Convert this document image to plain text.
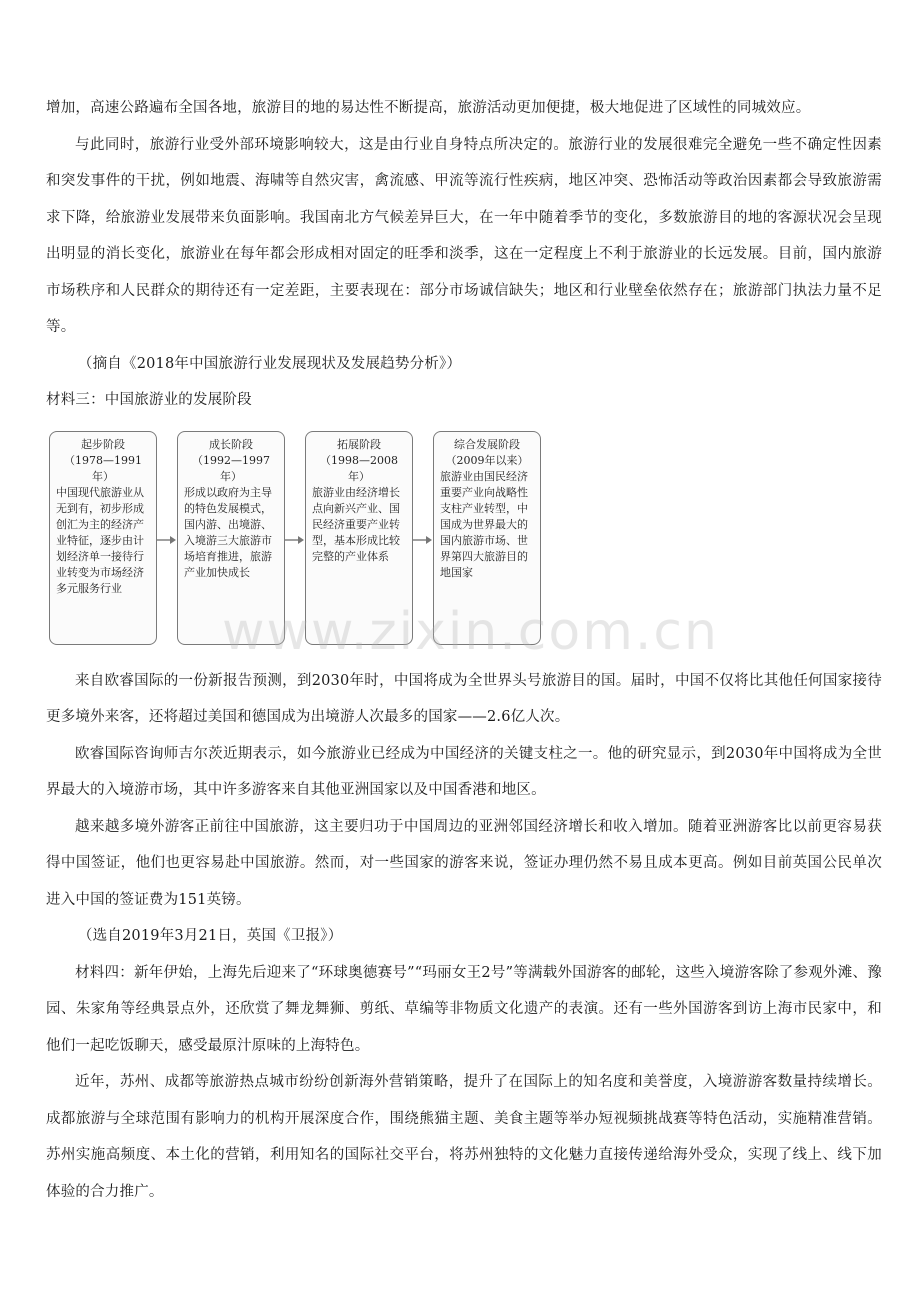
增加，高速公路遍布全国各地，旅游目的地的易达性不断提高，旅游活动更加便捷，极大地促进了区域性的同城效应。

与此同时，旅游行业受外部环境影响较大，这是由行业自身特点所决定的。旅游行业的发展很难完全避免一些不确定性因素和突发事件的干扰，例如地震、海啸等自然灾害，禽流感、甲流等流行性疾病，地区冲突、恐怖活动等政治因素都会导致旅游需求下降，给旅游业发展带来负面影响。我国南北方气候差异巨大，在一年中随着季节的变化，多数旅游目的地的客源状况会呈现出明显的消长变化，旅游业在每年都会形成相对固定的旺季和淡季，这在一定程度上不利于旅游业的长远发展。目前，国内旅游市场秩序和人民群众的期待还有一定差距，主要表现在：部分市场诚信缺失；地区和行业壁垒依然存在；旅游部门执法力量不足等。

（摘自《2018年中国旅游行业发展现状及发展趋势分析》）

材料三：中国旅游业的发展阶段

起步阶段
（1978—1991年）
中国现代旅游业从无到有，初步形成创汇为主的经济产业特征，逐步由计划经济单一接待行业转变为市场经济多元服务行业
成长阶段
（1992—1997年）
形成以政府为主导的特色发展模式，国内游、出境游、入境游三大旅游市场培育推进，旅游产业加快成长
拓展阶段
（1998—2008年）
旅游业由经济增长点向新兴产业、国民经济重要产业转型，基本形成比较完整的产业体系
综合发展阶段
（2009年以来）
旅游业由国民经济重要产业向战略性支柱产业转型，中国成为世界最大的国内旅游市场、世界第四大旅游目的地国家

来自欧睿国际的一份新报告预测，到2030年时，中国将成为全世界头号旅游目的国。届时，中国不仅将比其他任何国家接待更多境外来客，还将超过美国和德国成为出境游人次最多的国家——2.6亿人次。

欧睿国际咨询师吉尔茨近期表示，如今旅游业已经成为中国经济的关键支柱之一。他的研究显示，到2030年中国将成为全世界最大的入境游市场，其中许多游客来自其他亚洲国家以及中国香港和地区。

越来越多境外游客正前往中国旅游，这主要归功于中国周边的亚洲邻国经济增长和收入增加。随着亚洲游客比以前更容易获得中国签证，他们也更容易赴中国旅游。然而，对一些国家的游客来说，签证办理仍然不易且成本更高。例如目前英国公民单次进入中国的签证费为151英镑。

（选自2019年3月21日，英国《卫报》）

材料四：新年伊始，上海先后迎来了“环球奥德赛号”“玛丽女王2号”等满载外国游客的邮轮，这些入境游客除了参观外滩、豫园、朱家角等经典景点外，还欣赏了舞龙舞狮、剪纸、草编等非物质文化遗产的表演。还有一些外国游客到访上海市民家中，和他们一起吃饭聊天，感受最原汁原味的上海特色。

近年，苏州、成都等旅游热点城市纷纷创新海外营销策略，提升了在国际上的知名度和美誉度，入境游游客数量持续增长。成都旅游与全球范围有影响力的机构开展深度合作，围绕熊猫主题、美食主题等举办短视频挑战赛等特色活动，实施精准营销。苏州实施高频度、本土化的营销，利用知名的国际社交平台，将苏州独特的文化魅力直接传递给海外受众，实现了线上、线下加体验的合力推广。

www.zixin.com.cn
